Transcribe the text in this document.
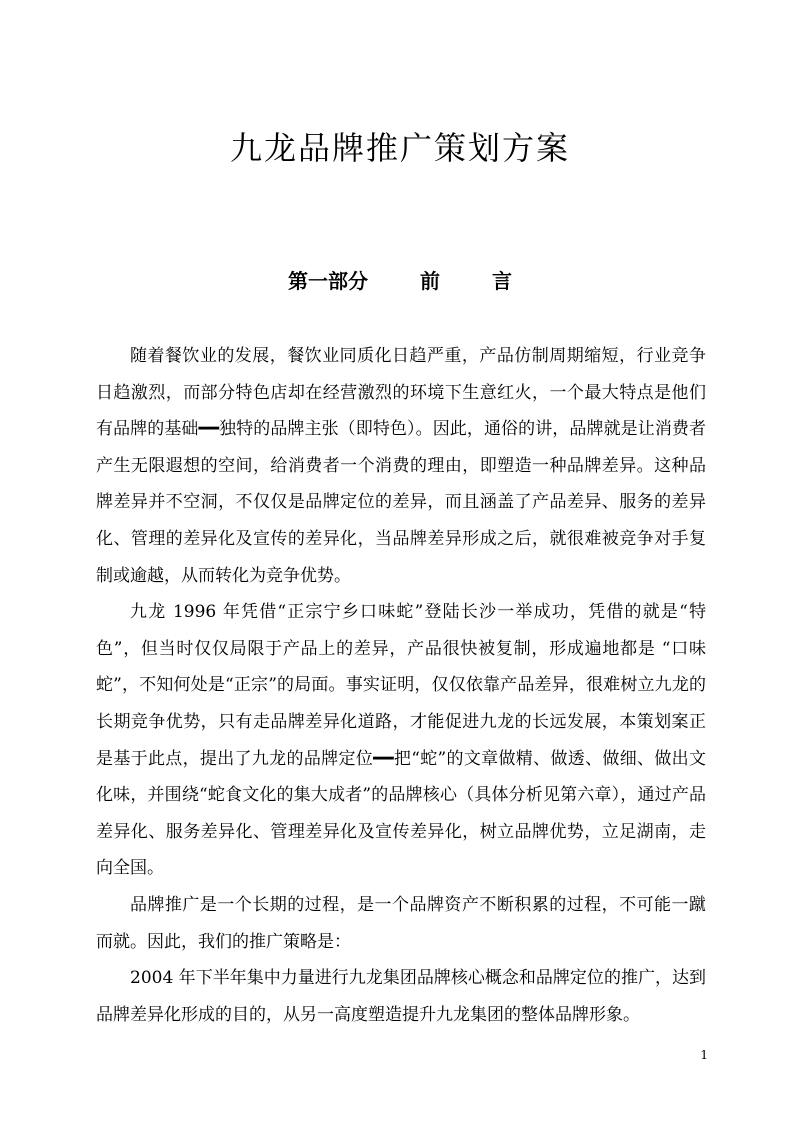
九龙品牌推广策划方案
第一部分	前	言

随着餐饮业的发展，餐饮业同质化日趋严重，产品仿制周期缩短，行业竞争日趋激烈，而部分特色店却在经营激烈的环境下生意红火，一个最大特点是他们有品牌的基础━━独特的品牌主张（即特色）。因此，通俗的讲，品牌就是让消费者产生无限遐想的空间，给消费者一个消费的理由，即塑造一种品牌差异。这种品牌差异并不空洞，不仅仅是品牌定位的差异，而且涵盖了产品差异、服务的差异化、管理的差异化及宣传的差异化，当品牌差异形成之后，就很难被竞争对手复制或逾越，从而转化为竞争优势。

九龙 1996 年凭借“正宗宁乡口味蛇”登陆长沙一举成功，凭借的就是“特色”，但当时仅仅局限于产品上的差异，产品很快被复制，形成遍地都是 “口味蛇”，不知何处是“正宗”的局面。事实证明，仅仅依靠产品差异，很难树立九龙的长期竞争优势，只有走品牌差异化道路，才能促进九龙的长远发展，本策划案正是基于此点，提出了九龙的品牌定位━━把“蛇”的文章做精、做透、做细、做出文化味，并围绕“蛇食文化的集大成者”的品牌核心（具体分析见第六章），通过产品差异化、服务差异化、管理差异化及宣传差异化，树立品牌优势，立足湖南，走向全国。

品牌推广是一个长期的过程，是一个品牌资产不断积累的过程，不可能一蹴而就。因此，我们的推广策略是：

2004 年下半年集中力量进行九龙集团品牌核心概念和品牌定位的推广，达到品牌差异化形成的目的，从另一高度塑造提升九龙集团的整体品牌形象。

1
